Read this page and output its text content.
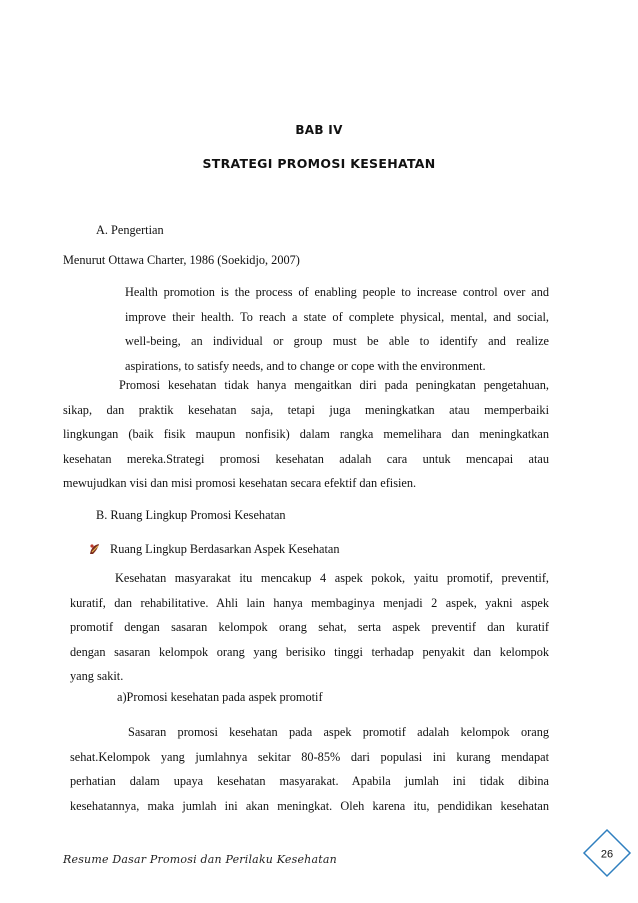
BAB IV
STRATEGI PROMOSI KESEHATAN
A. Pengertian
Menurut Ottawa Charter, 1986 (Soekidjo, 2007)
Health promotion is the process of enabling people to increase control over and
improve their health. To reach a state of complete physical, mental, and social,
well-being, an individual or group must be able to identify and realize
aspirations, to satisfy needs, and to change or cope with the environment.
Promosi kesehatan tidak hanya mengaitkan diri pada peningkatan pengetahuan,
sikap, dan praktik kesehatan saja, tetapi juga meningkatkan atau memperbaiki
lingkungan (baik fisik maupun nonfisik) dalam rangka memelihara dan meningkatkan
kesehatan mereka.Strategi promosi kesehatan adalah cara untuk mencapai atau
mewujudkan visi dan misi promosi kesehatan secara efektif dan efisien.
B. Ruang Lingkup Promosi Kesehatan
Ruang Lingkup Berdasarkan Aspek Kesehatan
Kesehatan masyarakat itu mencakup 4 aspek pokok, yaitu promotif, preventif,
kuratif, dan rehabilitative. Ahli lain hanya membaginya menjadi 2 aspek, yakni aspek
promotif dengan sasaran kelompok orang sehat, serta aspek preventif dan kuratif
dengan sasaran kelompok orang yang berisiko tinggi terhadap penyakit dan kelompok
yang sakit.
a)Promosi kesehatan pada aspek promotif
Sasaran promosi kesehatan pada aspek promotif adalah kelompok orang
sehat.Kelompok yang jumlahnya sekitar 80-85% dari populasi ini kurang mendapat
perhatian dalam upaya kesehatan masyarakat. Apabila jumlah ini tidak dibina
kesehatannya, maka jumlah ini akan meningkat. Oleh karena itu, pendidikan kesehatan
Resume Dasar Promosi dan Perilaku Kesehatan	26
